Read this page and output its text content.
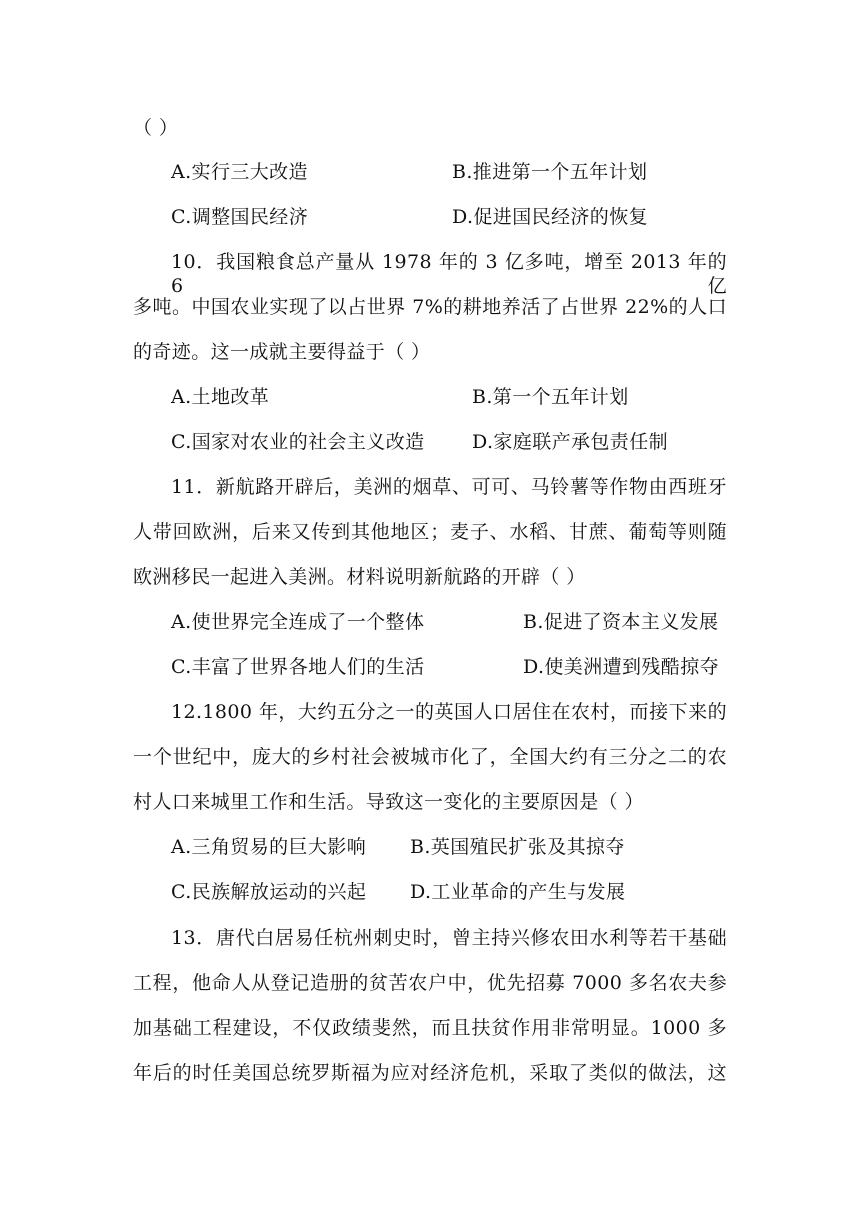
（ ）
A.实行三大改造	B.推进第一个五年计划
C.调整国民经济	D.促进国民经济的恢复
10．我国粮食总产量从 1978 年的 3 亿多吨，增至 2013 年的 6 亿
多吨。中国农业实现了以占世界 7%的耕地养活了占世界 22%的人口
的奇迹。这一成就主要得益于（ ）
A.土地改革	B.第一个五年计划
C.国家对农业的社会主义改造 D.家庭联产承包责任制
11．新航路开辟后，美洲的烟草、可可、马铃薯等作物由西班牙
人带回欧洲，后来又传到其他地区；麦子、水稻、甘蔗、葡萄等则随
欧洲移民一起进入美洲。材料说明新航路的开辟（ ）
A.使世界完全连成了一个整体	B.促进了资本主义发展
C.丰富了世界各地人们的生活	D.使美洲遭到残酷掠夺
12.1800 年，大约五分之一的英国人口居住在农村，而接下来的
一个世纪中，庞大的乡村社会被城市化了，全国大约有三分之二的农
村人口来城里工作和生活。导致这一变化的主要原因是（ ）
A.三角贸易的巨大影响 B.英国殖民扩张及其掠夺
C.民族解放运动的兴起 D.工业革命的产生与发展
13．唐代白居易任杭州刺史时，曾主持兴修农田水利等若干基础
工程，他命人从登记造册的贫苦农户中，优先招募 7000 多名农夫参
加基础工程建设，不仅政绩斐然，而且扶贫作用非常明显。1000 多
年后的时任美国总统罗斯福为应对经济危机，采取了类似的做法，这
